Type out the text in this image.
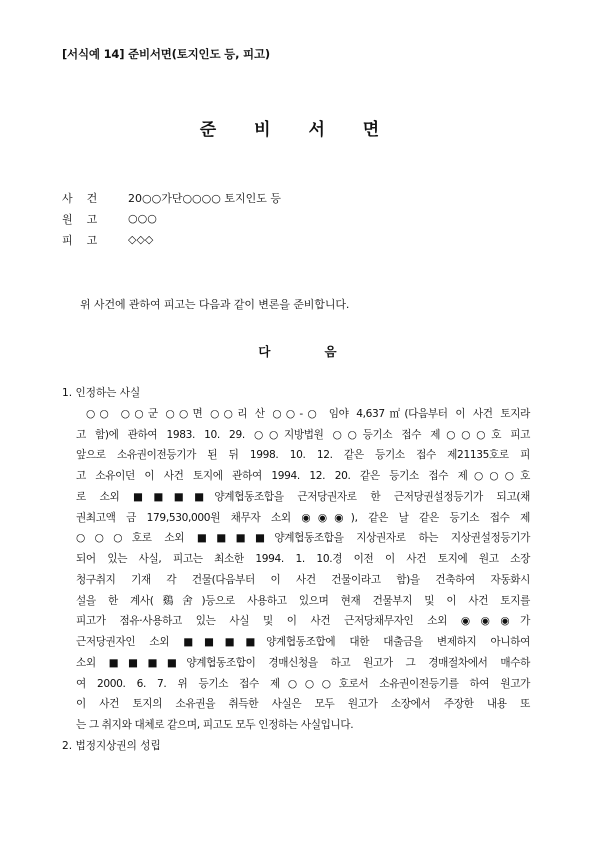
[서식예 14] 준비서면(토지인도 등, 피고)
준 비 서 면
사건	20○○가단○○○○ 토지인도 등
원고	○○○
피고	◇◇◇
위 사건에 관하여 피고는 다음과 같이 변론을 준비합니다.
다음
1. 인정하는 사실
○○ ○○군 ○○면 ○○리 산 ○○-○ 임야 4,637㎡(다음부터 이 사건 토지라
고 함)에 관하여 1983. 10. 29. ○○지방법원 ○○등기소 접수 제○○○호 피고
앞으로 소유권이전등기가 된 뒤 1998. 10. 12. 같은 등기소 접수 제21135호로 피
고 소유이던 이 사건 토지에 관하여 1994. 12. 20. 같은 등기소 접수 제○○○호
로 소외 ■■■■양계협동조합을 근저당권자로 한 근저당권설정등기가 되고(채
권최고액 금 179,530,000원 채무자 소외 ◉◉◉), 같은 날 같은 등기소 접수 제
○○○호로 소외 ■■■■양계협동조합을 지상권자로 하는 지상권설정등기가
되어 있는 사실, 피고는 최소한 1994. 1. 10.경 이전 이 사건 토지에 원고 소장
청구취지 기재 각 건물(다음부터 이 사건 건물이라고 함)을 건축하여 자동화시
설을 한 계사(鷄舍)등으로 사용하고 있으며 현재 건물부지 및 이 사건 토지를
피고가 점유·사용하고 있는 사실 및 이 사건 근저당채무자인 소외 ◉◉◉가
근저당권자인 소외 ■■■■양계협동조합에 대한 대출금을 변제하지 아니하여
소외 ■■■■양계협동조합이 경매신청을 하고 원고가 그 경매절차에서 매수하
여 2000. 6. 7. 위 등기소 접수 제○○○호로서 소유권이전등기를 하여 원고가
이 사건 토지의 소유권을 취득한 사실은 모두 원고가 소장에서 주장한 내용 또
는 그 취지와 대체로 같으며, 피고도 모두 인정하는 사실입니다.
2. 법정지상권의 성립
